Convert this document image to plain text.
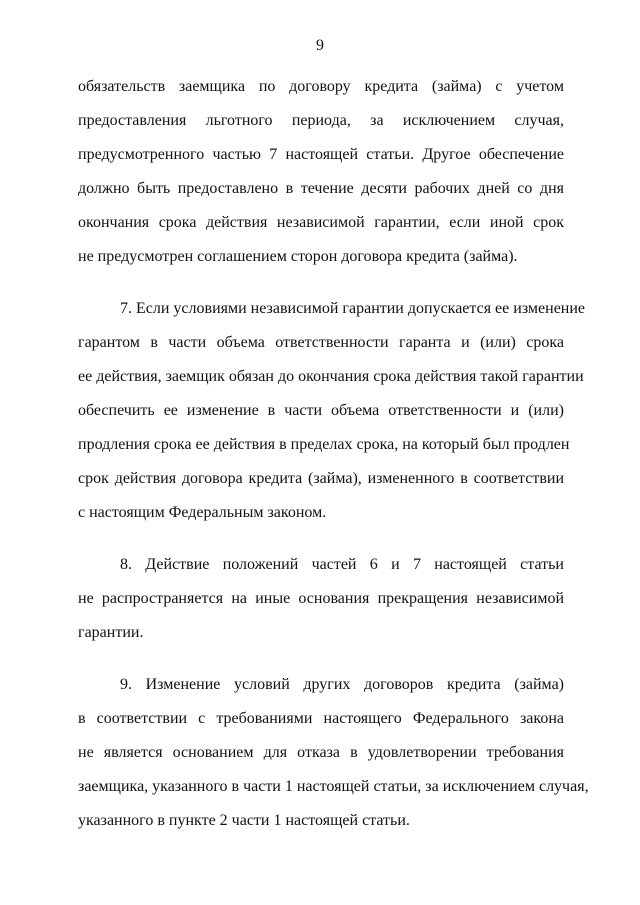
9
обязательств заемщика по договору кредита (займа) с учетом
предоставления льготного периода, за исключением случая,
предусмотренного частью 7 настоящей статьи. Другое обеспечение
должно быть предоставлено в течение десяти рабочих дней со дня
окончания срока действия независимой гарантии, если иной срок
не предусмотрен соглашением сторон договора кредита (займа).
7. Если условиями независимой гарантии допускается ее изменение
гарантом в части объема ответственности гаранта и (или) срока
ее действия, заемщик обязан до окончания срока действия такой гарантии
обеспечить ее изменение в части объема ответственности и (или)
продления срока ее действия в пределах срока, на который был продлен
срок действия договора кредита (займа), измененного в соответствии
с настоящим Федеральным законом.
8. Действие положений частей 6 и 7 настоящей статьи
не распространяется на иные основания прекращения независимой
гарантии.
9. Изменение условий других договоров кредита (займа)
в соответствии с требованиями настоящего Федерального закона
не является основанием для отказа в удовлетворении требования
заемщика, указанного в части 1 настоящей статьи, за исключением случая,
указанного в пункте 2 части 1 настоящей статьи.
